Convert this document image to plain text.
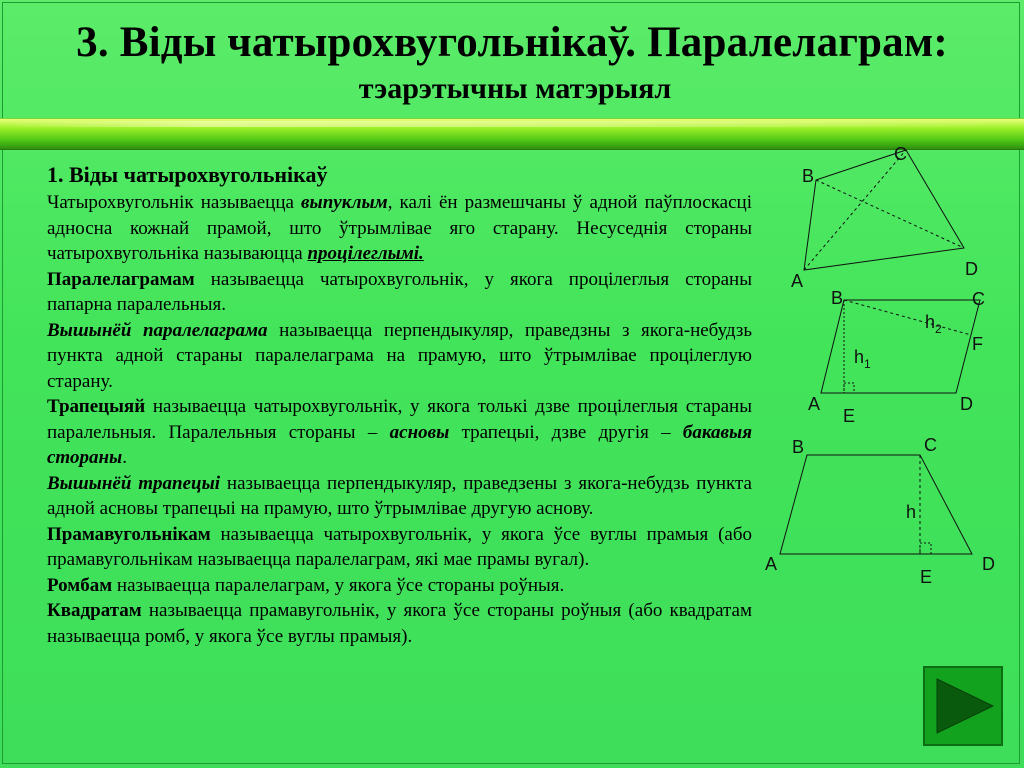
3. Віды чатырохвугольнікаў. Паралелаграм:
тэарэтычны матэрыял

1. Віды чатырохвугольнікаў

Чатырохвугольнік называецца выпуклым, калі ён размешчаны ў адной паўплоскасці адносна кожнай прамой, што ўтрымлівае яго старану. Несуседнія стораны чатырохвугольніка называюцца процілеглымі.

Паралелаграмам называецца чатырохвугольнік, у якога процілеглыя стораны папарна паралельныя.

Вышынёй паралелаграма называецца перпендыкуляр, праведзны з якога-небудзь пункта адной стараны паралелаграма на прамую, што ўтрымлівае процілеглую старану.

Трапецыяй называецца чатырохвугольнік, у якога толькі дзве процілеглыя стараны паралельныя. Паралельныя стораны – асновы трапецыі, дзве другія – бакавыя стораны.

Вышынёй трапецыі называецца перпендыкуляр, праведзены з якога-небудзь пункта адной асновы трапецыі на прамую, што ўтрымлівае другую аснову.

Прамавугольнікам называецца чатырохвугольнік, у якога ўсе вуглы прамыя (або прамавугольнікам называецца паралелаграм, які мае прамы вугал).

Ромбам называецца паралелаграм, у якога ўсе стораны роўныя.

Квадратам называецца прамавугольнік, у якога ўсе стораны роўныя (або квадратам называецца ромб, у якога ўсе вуглы прамыя).

B
C
D
A
B	C
F
D
A
E
$h_1$
$h_2$
B	C
h
A	D
E
